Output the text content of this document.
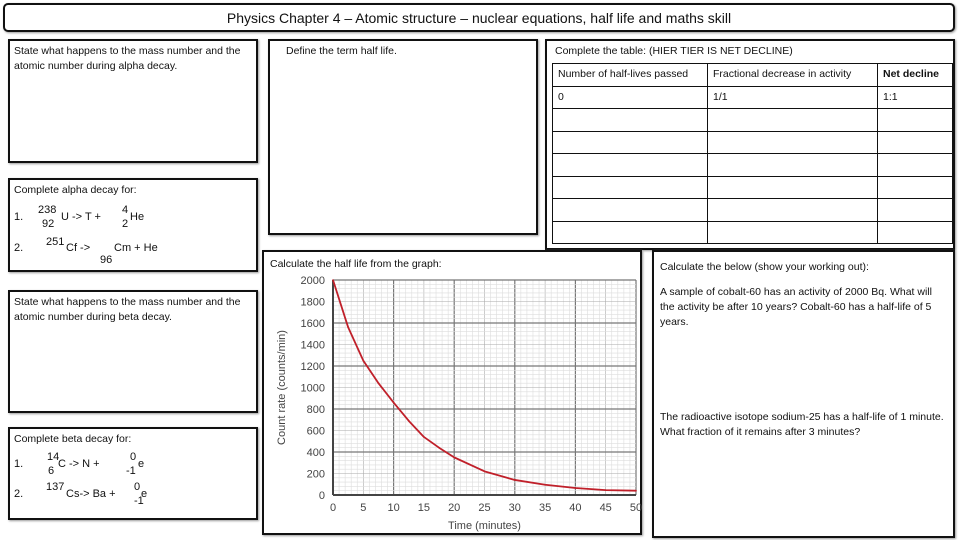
Physics Chapter 4 – Atomic structure – nuclear equations, half life and maths skill
State what happens to the mass number and the atomic number during alpha decay.
Define the term half life.	Complete the table: (HIER TIER IS NET DECLINE)
Number of half-lives passed	Fractional decrease in activity	Net decline
0	1/1	1:1

Complete alpha decay for:
1.
238
92
U -> T +
4
2
He
2. 251 Cf ->
96
Cm + He
State what happens to the mass number and the atomic number during beta decay.
Complete beta decay for:
1.
14
6
C -> N +
0
-1
e
2.
137
Cs-> Ba +
0
e
-1
Calculate the half life from the graph:
0 5 10 15 20 25 30 35 40 45 50
0
200
400
600
800
1000
1200
1400
1600
1800
2000
Time (minutes)
Count rate (counts/min)

Calculate the below (show your working out):

A sample of cobalt-60 has an activity of 2000 Bq. What will the activity be after 10 years? Cobalt-60 has a half-life of 5 years.

The radioactive isotope sodium-25 has a half-life of 1 minute. What fraction of it remains after 3 minutes?
